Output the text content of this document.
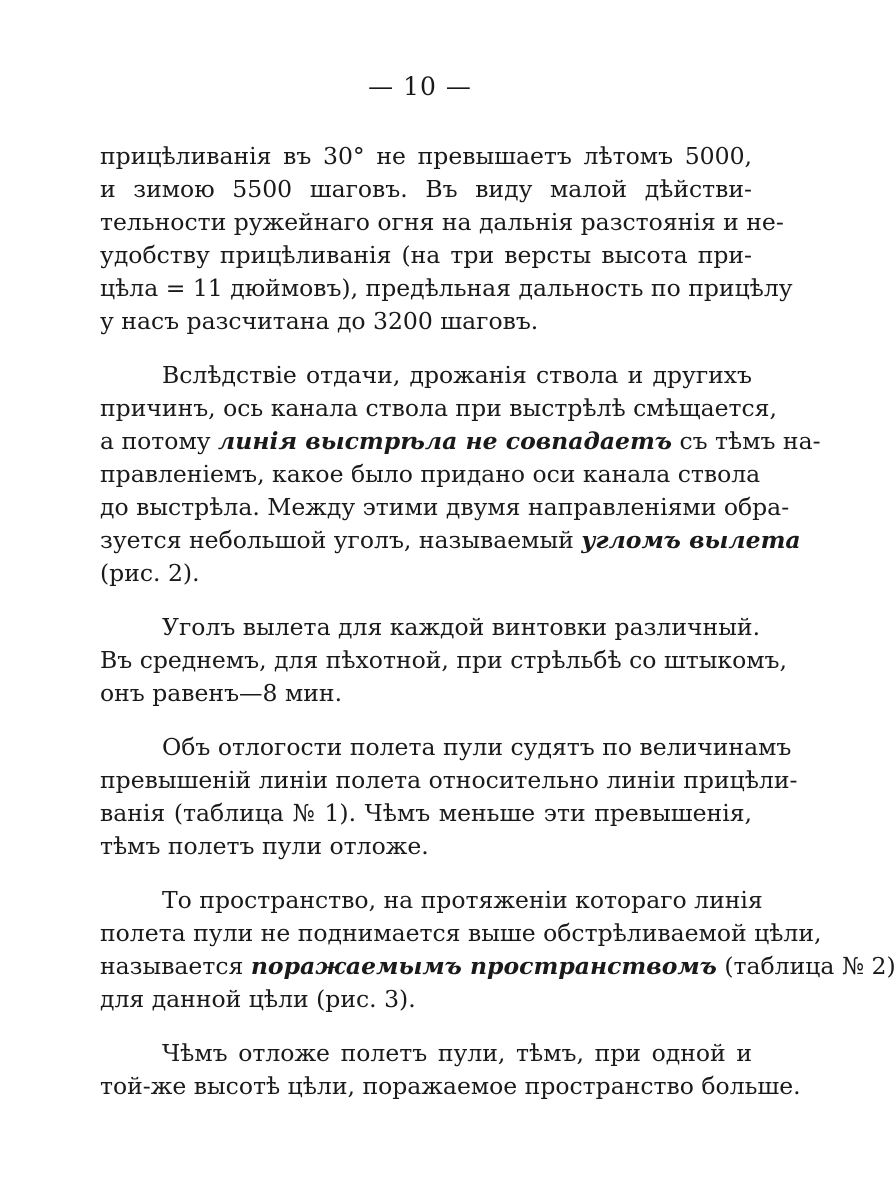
— 10 —

прицѣливанія въ 30° не превышаетъ лѣтомъ 5000,
и зимою 5500 шаговъ. Въ виду малой дѣйстви-
тельности ружейнаго огня на дальнія разстоянія и не-
удобству прицѣливанія (на три версты высота при-
цѣла = 11 дюймовъ), предѣльная дальность по прицѣлу
у насъ разсчитана до 3200 шаговъ.

Вслѣдствіе отдачи, дрожанія ствола и другихъ
причинъ, ось канала ствола при выстрѣлѣ смѣщается,
а потому линія выстрѣла не совпадаетъ съ тѣмъ на-
правленіемъ, какое было придано оси канала ствола
до выстрѣла. Между этими двумя направленіями обра-
зуется небольшой уголъ, называемый угломъ вылета
(рис. 2).

Уголъ вылета для каждой винтовки различный.
Въ среднемъ, для пѣхотной, при стрѣльбѣ со штыкомъ,
онъ равенъ—8 мин.

Объ отлогости полета пули судятъ по величинамъ
превышеній линіи полета относительно линіи прицѣли-
ванія (таблица № 1). Чѣмъ меньше эти превышенія,
тѣмъ полетъ пули отложе.

То пространство, на протяженіи котораго линія
полета пули не поднимается выше обстрѣливаемой цѣли,
называется поражаемымъ пространствомъ (таблица № 2)
для данной цѣли (рис. 3).

Чѣмъ отложе полетъ пули, тѣмъ, при одной и
той-же высотѣ цѣли, поражаемое пространство больше.
